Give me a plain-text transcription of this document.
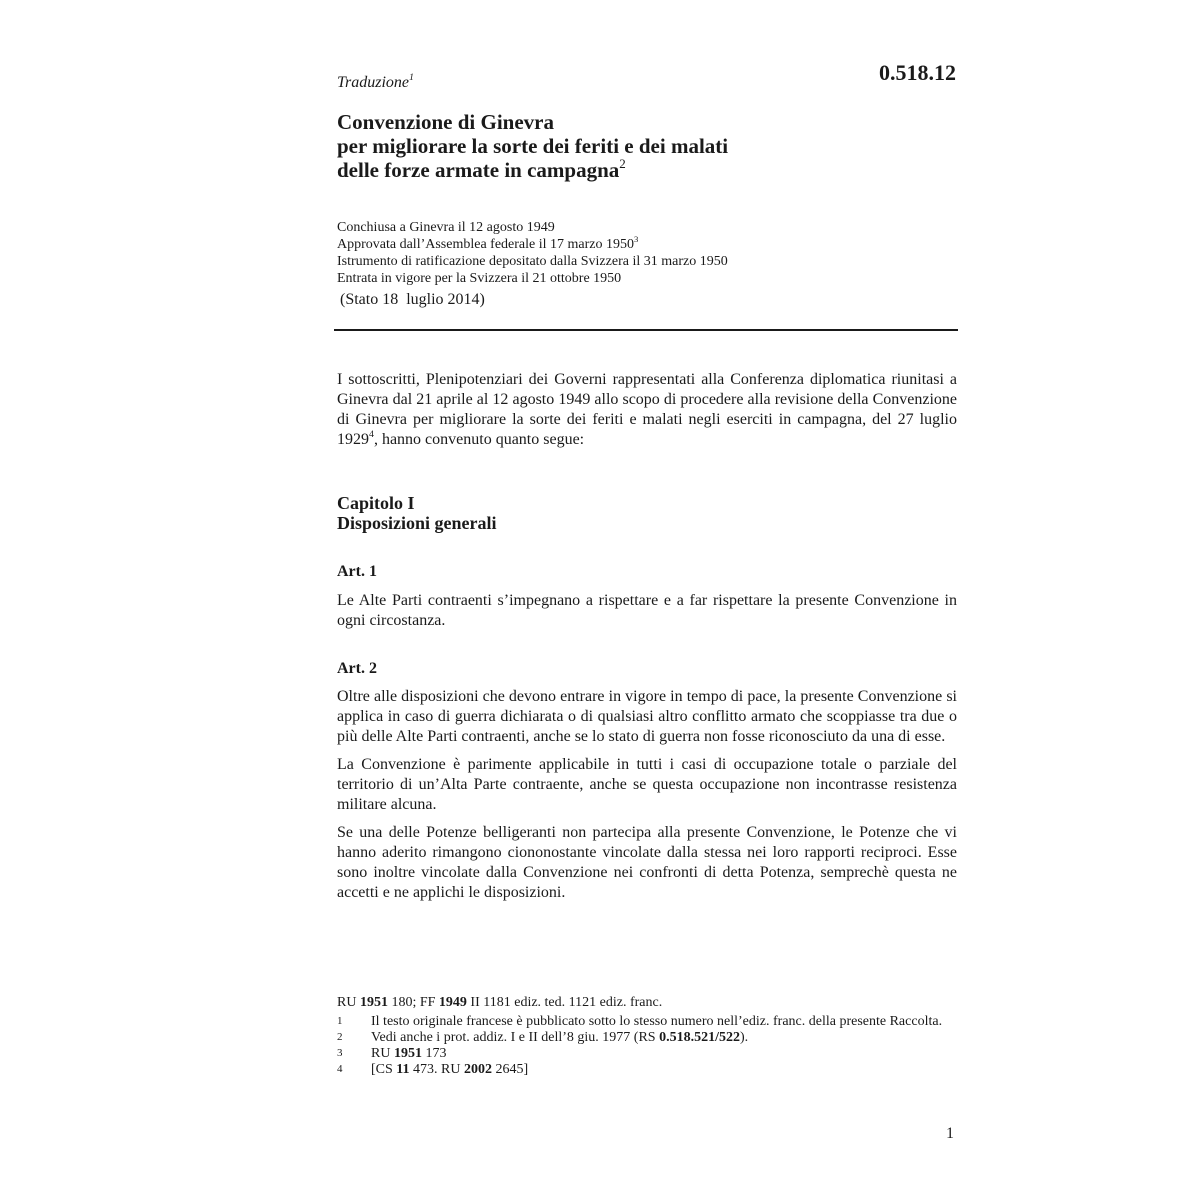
Traduzione$^1$	0.518.12
Convenzione di Ginevra
per migliorare la sorte dei feriti e dei malati
delle forze armate in campagna$^2$
Conchiusa a Ginevra il 12 agosto 1949
Approvata dall’Assemblea federale il 17 marzo 1950$^3$
Istrumento di ratificazione depositato dalla Svizzera il 31 marzo 1950
Entrata in vigore per la Svizzera il 21 ottobre 1950
(Stato 18  luglio 2014)

I sottoscritti, Plenipotenziari dei Governi rappresentati alla Conferenza diplomatica riunitasi a Ginevra dal 21 aprile al 12 agosto 1949 allo scopo di procedere alla revisione della Convenzione di Ginevra per migliorare la sorte dei feriti e malati negli eserciti in campagna, del 27 luglio 1929$^4$, hanno convenuto quanto segue:

Capitolo I
Disposizioni generali
Art. 1

Le Alte Parti contraenti s’impegnano a rispettare e a far rispettare la presente Convenzione in ogni circostanza.

Art. 2

Oltre alle disposizioni che devono entrare in vigore in tempo di pace, la presente Convenzione si applica in caso di guerra dichiarata o di qualsiasi altro conflitto armato che scoppiasse tra due o più delle Alte Parti contraenti, anche se lo stato di guerra non fosse riconosciuto da una di esse.

La Convenzione è parimente applicabile in tutti i casi di occupazione totale o parziale del territorio di un’Alta Parte contraente, anche se questa occupazione non incontrasse resistenza militare alcuna.

Se una delle Potenze belligeranti non partecipa alla presente Convenzione, le Potenze che vi hanno aderito rimangono ciononostante vincolate dalla stessa nei loro rapporti reciproci. Esse sono inoltre vincolate dalla Convenzione nei confronti di detta Potenza, semprechè questa ne accetti e ne applichi le disposizioni.

RU 1951 180; FF 1949 II 1181 ediz. ted. 1121 ediz. franc.
1	Il testo originale francese è pubblicato sotto lo stesso numero nell’ediz. franc. della presente Raccolta.
2	Vedi anche i prot. addiz. I e II dell’8 giu. 1977 (RS 0.518.521/522).
3	RU 1951 173
4	[CS 11 473. RU 2002 2645]
1
